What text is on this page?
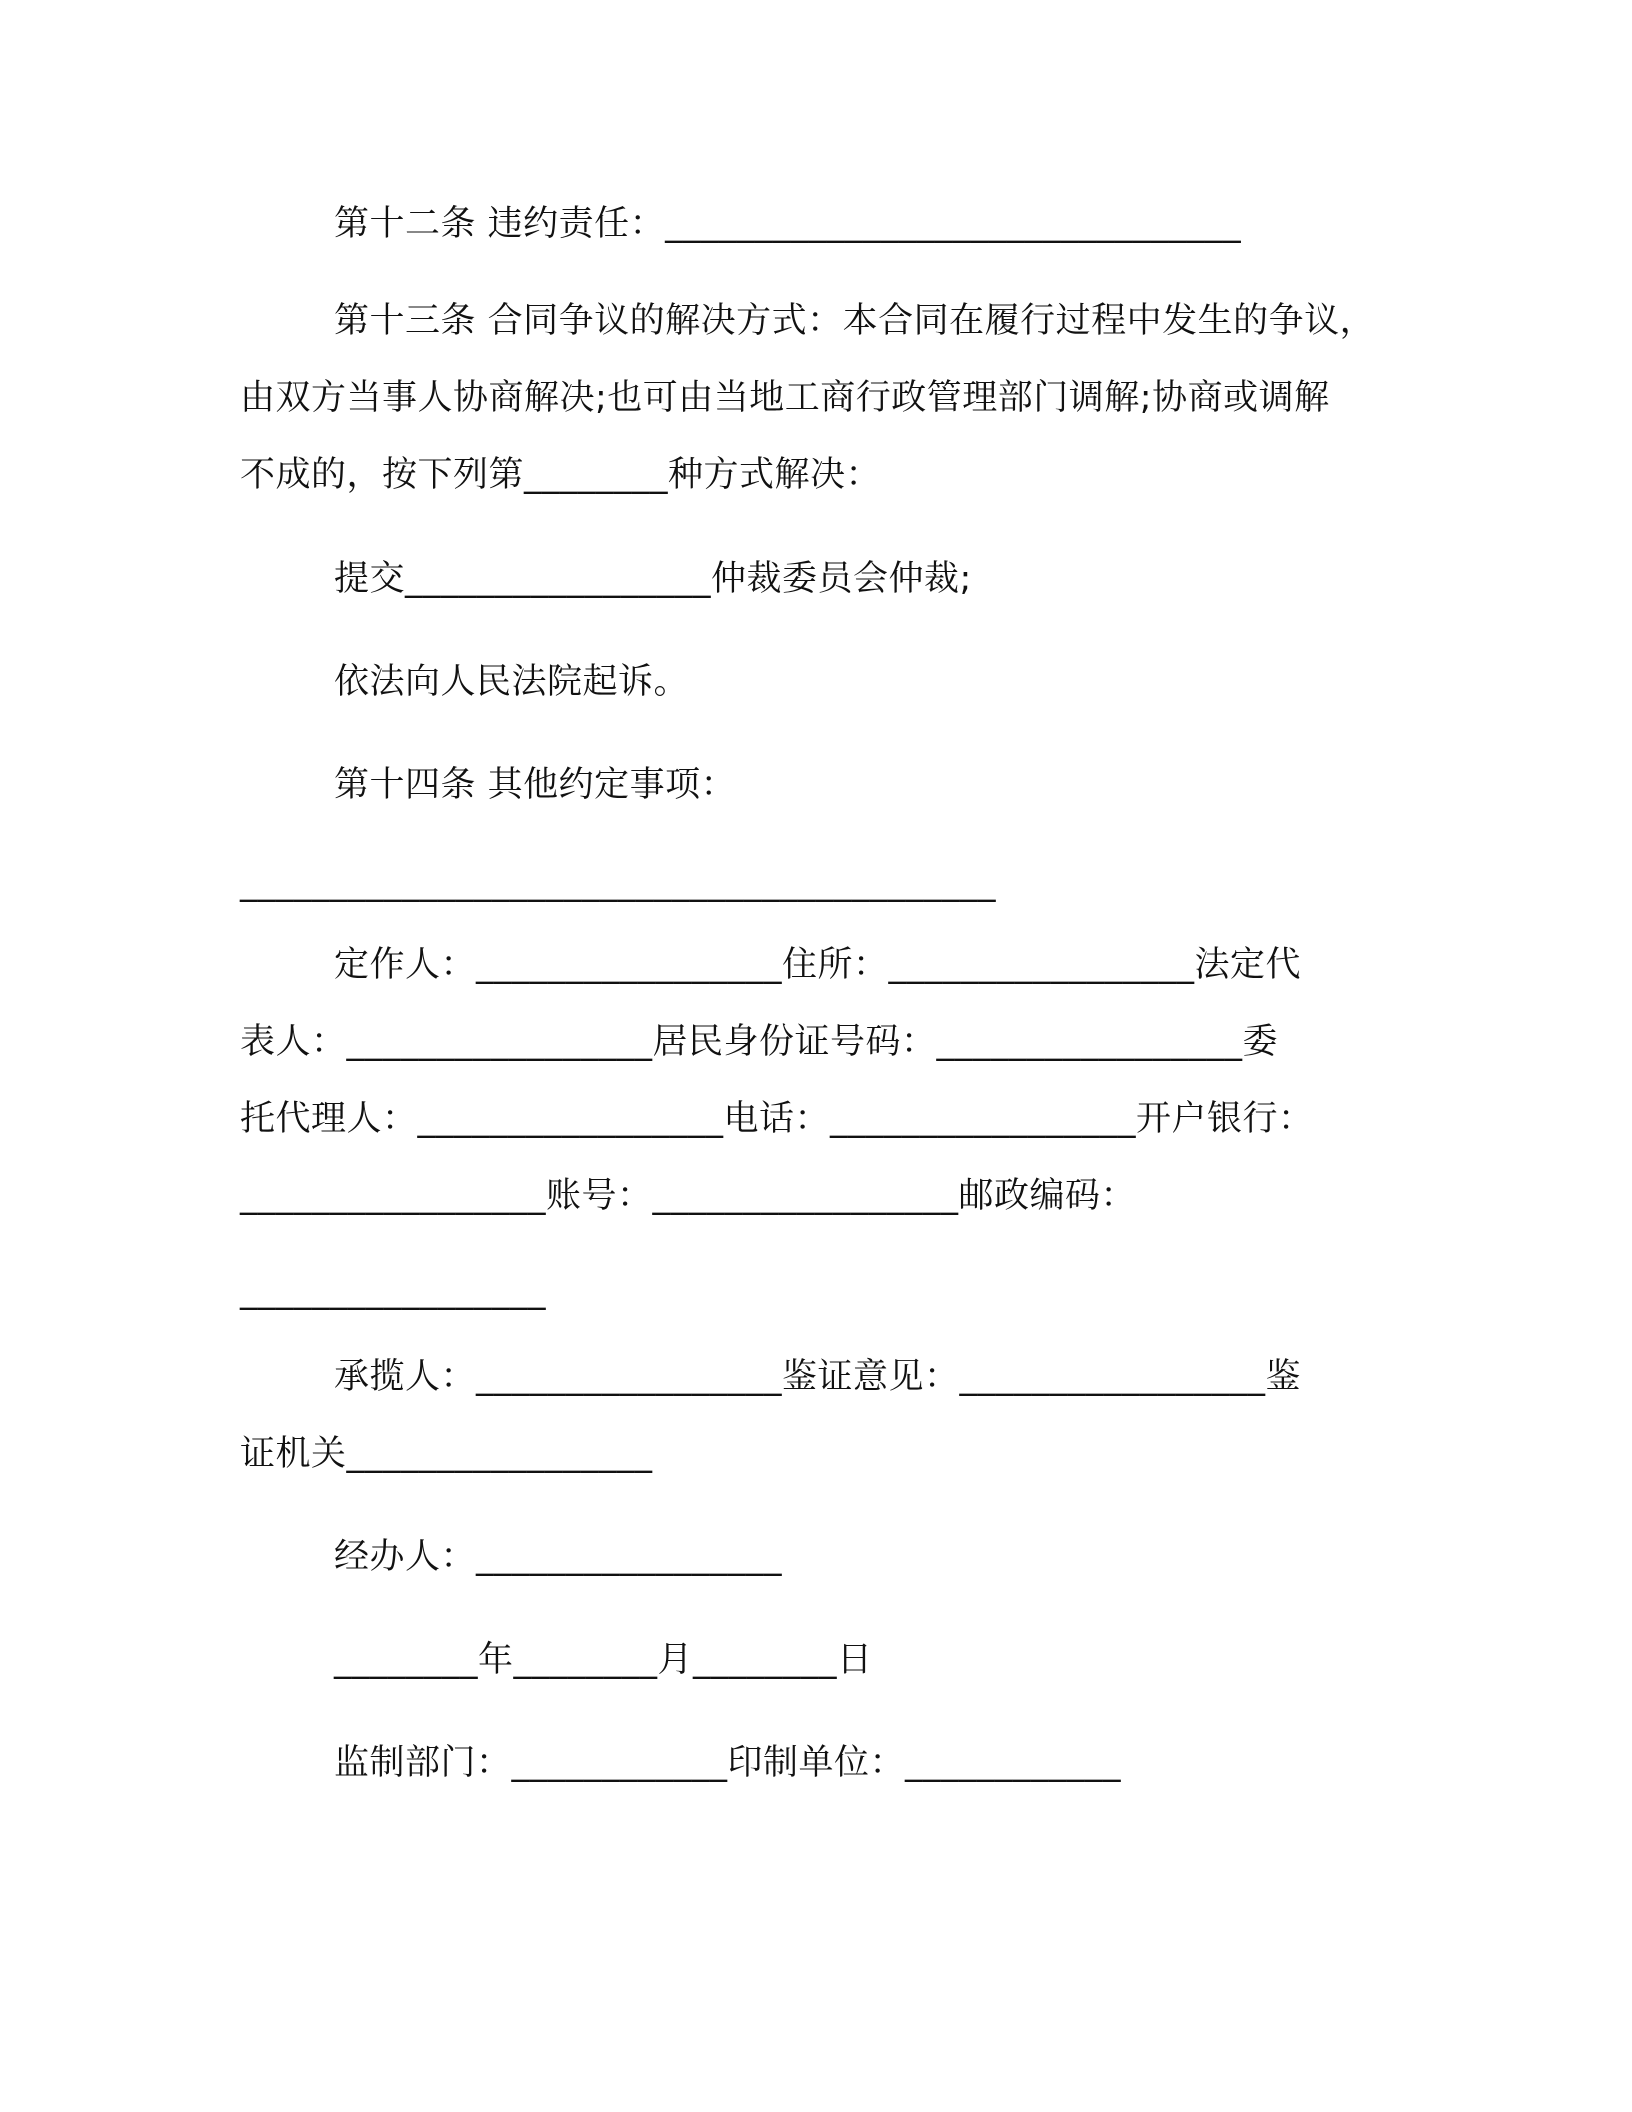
第十二条 违约责任：________________________________
第十三条 合同争议的解决方式：本合同在履行过程中发生的争议，
由双方当事人协商解决;也可由当地工商行政管理部门调解;协商或调解
不成的，按下列第________种方式解决：
提交_________________仲裁委员会仲裁;
依法向人民法院起诉。
第十四条 其他约定事项：
__________________________________________
定作人：_________________住所：_________________法定代
表人：_________________居民身份证号码：_________________委
托代理人：_________________电话：_________________开户银行：
_________________账号：_________________邮政编码：
_________________
承揽人：_________________鉴证意见：_________________鉴
证机关_________________
经办人：_________________
________年________月________日
监制部门：____________印制单位：____________
